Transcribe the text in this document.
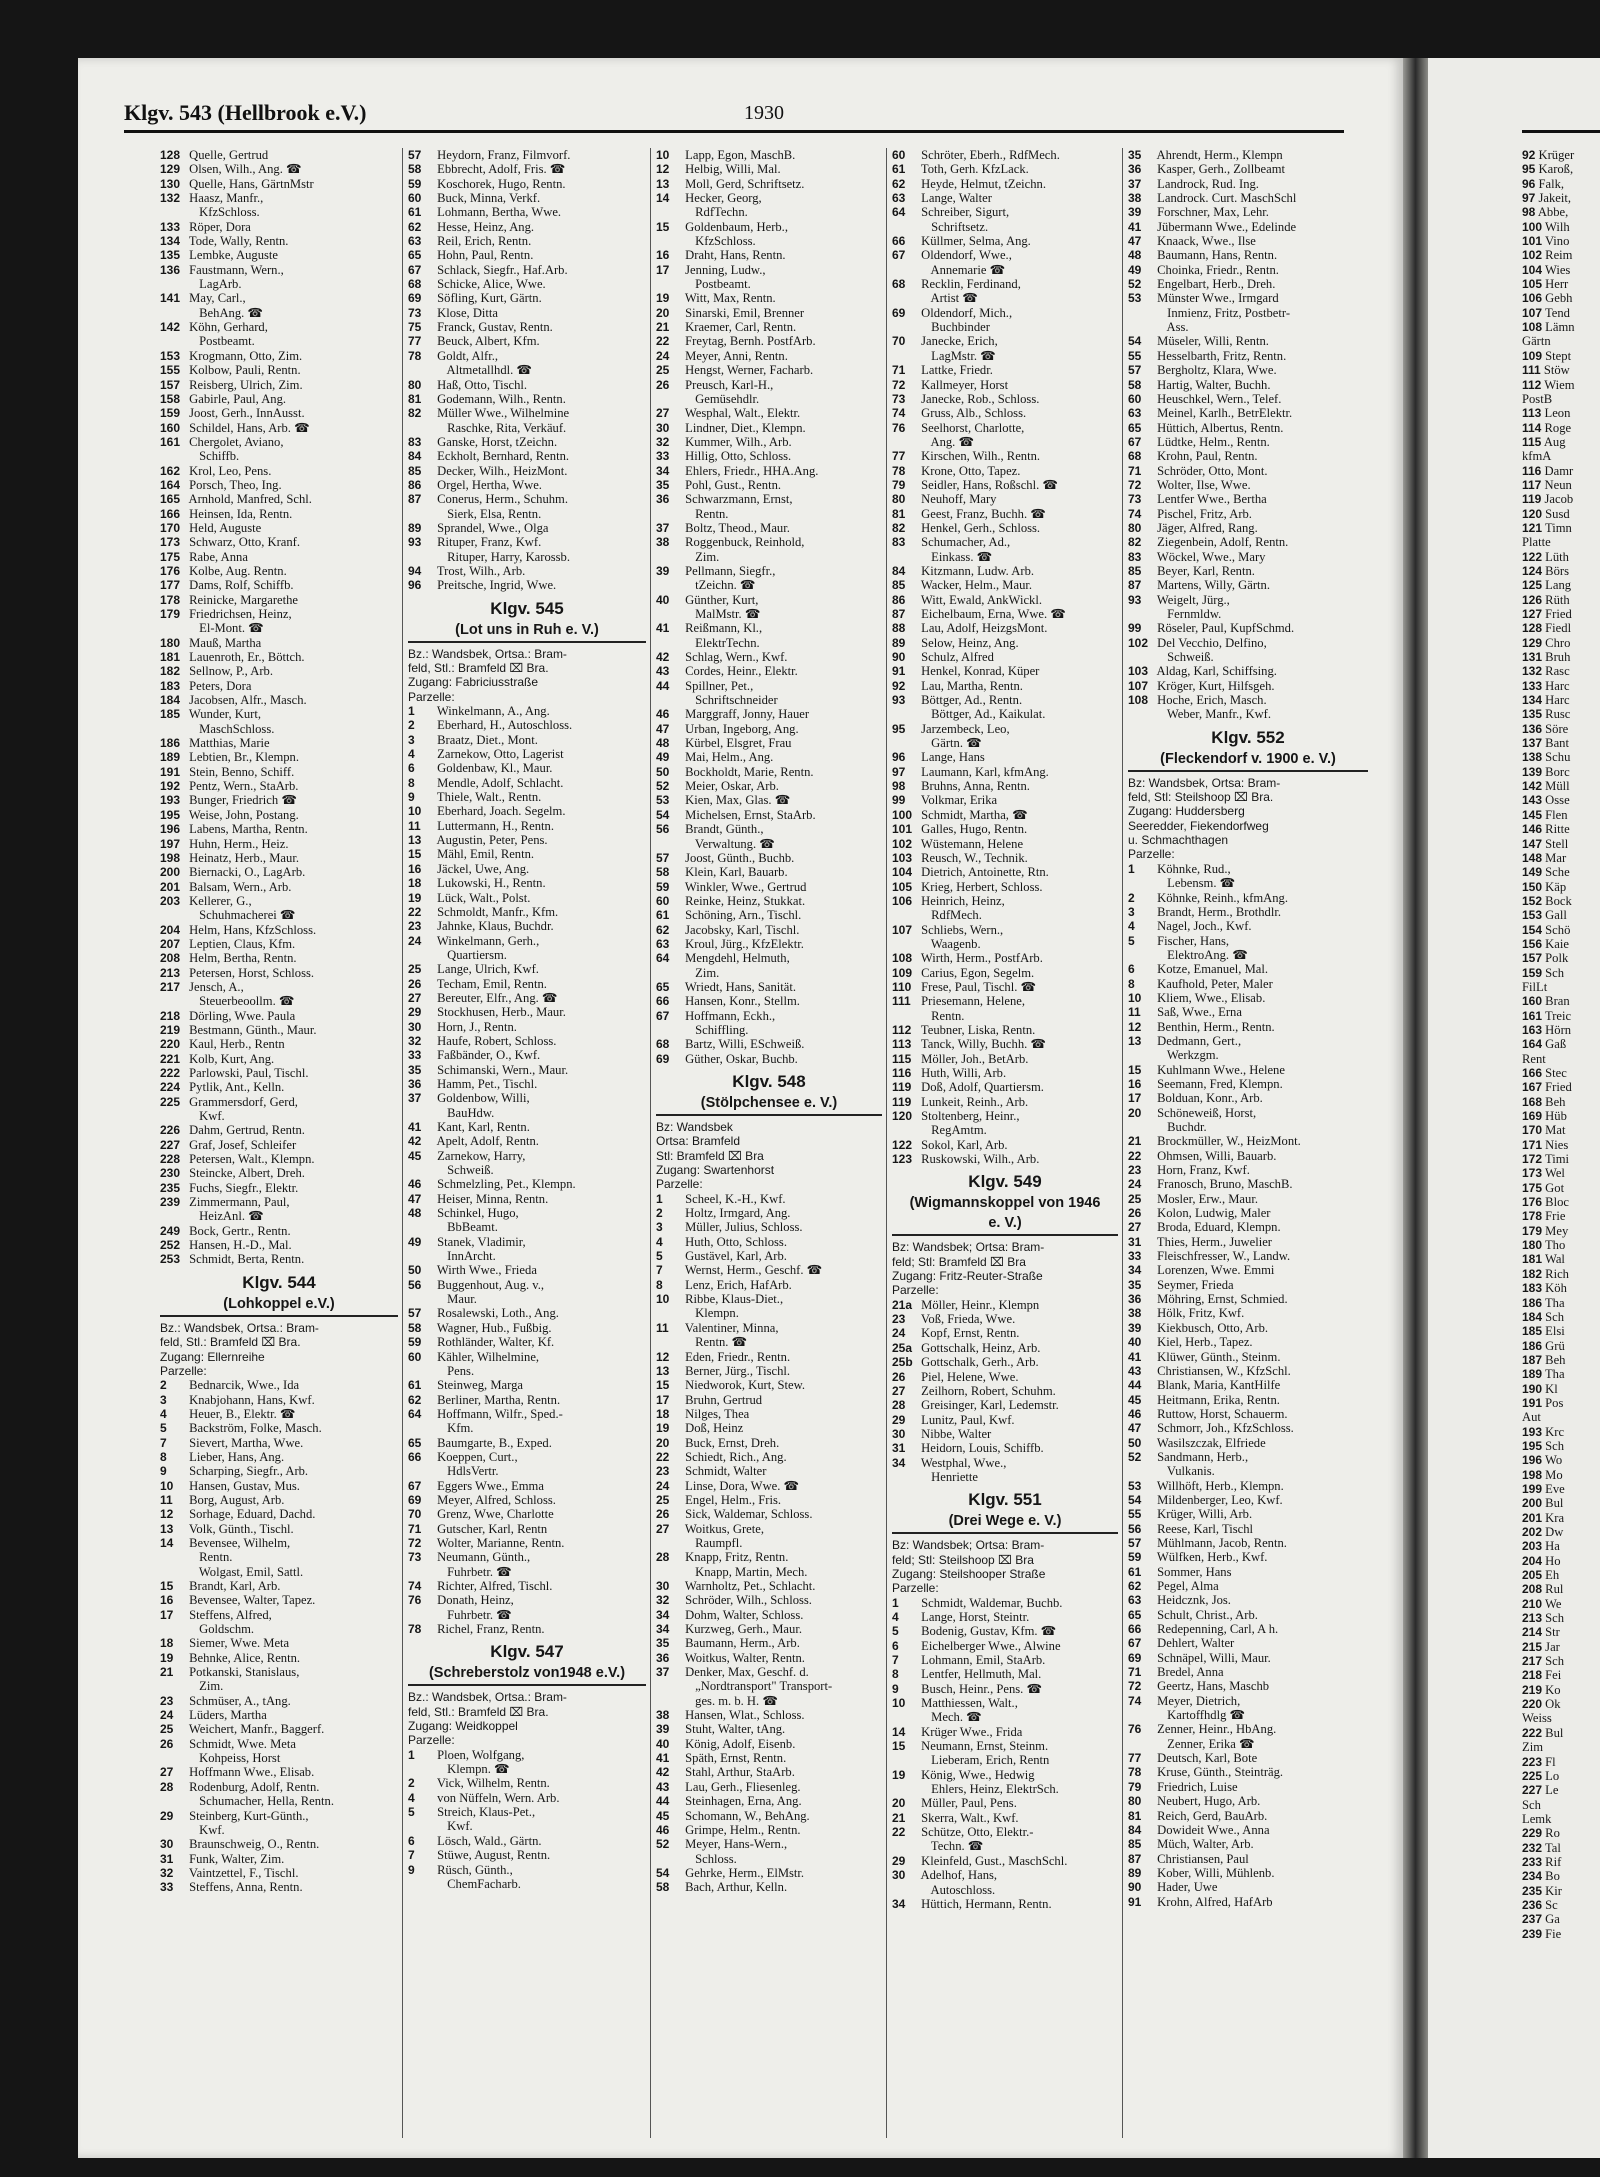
Klgv. 543 (Hellbrook e.V.)	1930
128 Quelle, Gertrud
129 Olsen, Wilh., Ang. ☎
130 Quelle, Hans, GärtnMstr
132 Haasz, Manfr.,
KfzSchloss.
133 Röper, Dora
134 Tode, Wally, Rentn.
135 Lembke, Auguste
136 Faustmann, Wern.,
LagArb.
141 May, Carl.,
BehAng. ☎
142 Köhn, Gerhard,
Postbeamt.
153 Krogmann, Otto, Zim.
155 Kolbow, Pauli, Rentn.
157 Reisberg, Ulrich, Zim.
158 Gabirle, Paul, Ang.
159 Joost, Gerh., InnAusst.
160 Schildel, Hans, Arb. ☎
161 Chergolet, Aviano,
Schiffb.
162 Krol, Leo, Pens.
164 Porsch, Theo, Ing.
165 Arnhold, Manfred, Schl.
166 Heinsen, Ida, Rentn.
170 Held, Auguste
173 Schwarz, Otto, Kranf.
175 Rabe, Anna
176 Kolbe, Aug. Rentn.
177 Dams, Rolf, Schiffb.
178 Reinicke, Margarethe
179 Friedrichsen, Heinz,
El-Mont. ☎
180 Mauß, Martha
181 Lauenroth, Er., Böttch.
182 Sellnow, P., Arb.
183 Peters, Dora
184 Jacobsen, Alfr., Masch.
185 Wunder, Kurt,
MaschSchloss.
186 Matthias, Marie
189 Lebtien, Br., Klempn.
191 Stein, Benno, Schiff.
192 Pentz, Wern., StaArb.
193 Bunger, Friedrich ☎
195 Weise, John, Postang.
196 Labens, Martha, Rentn.
197 Huhn, Herm., Heiz.
198 Heinatz, Herb., Maur.
200 Biernacki, O., LagArb.
201 Balsam, Wern., Arb.
203 Kellerer, G.,
Schuhmacherei ☎
204 Helm, Hans, KfzSchloss.
207 Leptien, Claus, Kfm.
208 Helm, Bertha, Rentn.
213 Petersen, Horst, Schloss.
217 Jensch, A.,
Steuerbeoollm. ☎
218 Dörling, Wwe. Paula
219 Bestmann, Günth., Maur.
220 Kaul, Herb., Rentn
221 Kolb, Kurt, Ang.
222 Parlowski, Paul, Tischl.
224 Pytlik, Ant., Kelln.
225 Grammersdorf, Gerd,
Kwf.
226 Dahm, Gertrud, Rentn.
227 Graf, Josef, Schleifer
228 Petersen, Walt., Klempn.
230 Steincke, Albert, Dreh.
235 Fuchs, Siegfr., Elektr.
239 Zimmermann, Paul,
HeizAnl. ☎
249 Bock, Gertr., Rentn.
252 Hansen, H.-D., Mal.
253 Schmidt, Berta, Rentn.
Klgv. 544
(Lohkoppel e.V.)
Bz.: Wandsbek, Ortsa.: Bram-
feld, Stl.: Bramfeld ⌧ Bra.
Zugang: Ellernreihe
Parzelle:
2 Bednarcik, Wwe., Ida
3 Knabjohann, Hans, Kwf.
4 Heuer, B., Elektr. ☎
5 Backström, Folke, Masch.
7 Sievert, Martha, Wwe.
8 Lieber, Hans, Ang.
9 Scharping, Siegfr., Arb.
10 Hansen, Gustav, Mus.
11 Borg, August, Arb.
12 Sorhage, Eduard, Dachd.
13 Volk, Günth., Tischl.
14 Bevensee, Wilhelm,
Rentn.
Wolgast, Emil, Sattl.
15 Brandt, Karl, Arb.
16 Bevensee, Walter, Tapez.
17 Steffens, Alfred,
Goldschm.
18 Siemer, Wwe. Meta
19 Behnke, Alice, Rentn.
21 Potkanski, Stanislaus,
Zim.
23 Schmüser, A., tAng.
24 Lüders, Martha
25 Weichert, Manfr., Baggerf.
26 Schmidt, Wwe. Meta
Kohpeiss, Horst
27 Hoffmann Wwe., Elisab.
28 Rodenburg, Adolf, Rentn.
Schumacher, Hella, Rentn.
29 Steinberg, Kurt-Günth.,
Kwf.
30 Braunschweig, O., Rentn.
31 Funk, Walter, Zim.
32 Vaintzettel, F., Tischl.
33 Steffens, Anna, Rentn.
57 Heydorn, Franz, Filmvorf.
58 Ebbrecht, Adolf, Fris. ☎
59 Koschorek, Hugo, Rentn.
60 Buck, Minna, Verkf.
61 Lohmann, Bertha, Wwe.
62 Hesse, Heinz, Ang.
63 Reil, Erich, Rentn.
65 Hohn, Paul, Rentn.
67 Schlack, Siegfr., Haf.Arb.
68 Schicke, Alice, Wwe.
69 Söfling, Kurt, Gärtn.
73 Klose, Ditta
75 Franck, Gustav, Rentn.
77 Beuck, Albert, Kfm.
78 Goldt, Alfr.,
Altmetallhdl. ☎
80 Haß, Otto, Tischl.
81 Godemann, Wilh., Rentn.
82 Müller Wwe., Wilhelmine
Raschke, Rita, Verkäuf.
83 Ganske, Horst, tZeichn.
84 Eckholt, Bernhard, Rentn.
85 Decker, Wilh., HeizMont.
86 Orgel, Hertha, Wwe.
87 Conerus, Herm., Schuhm.
Sierk, Elsa, Rentn.
89 Sprandel, Wwe., Olga
93 Rituper, Franz, Kwf.
Rituper, Harry, Karossb.
94 Trost, Wilh., Arb.
96 Preitsche, Ingrid, Wwe.
Klgv. 545
(Lot uns in Ruh e. V.)
Bz.: Wandsbek, Ortsa.: Bram-
feld, Stl.: Bramfeld ⌧ Bra.
Zugang: Fabriciusstraße
Parzelle:
1 Winkelmann, A., Ang.
2 Eberhard, H., Autoschloss.
3 Braatz, Diet., Mont.
4 Zarnekow, Otto, Lagerist
6 Goldenbaw, Kl., Maur.
8 Mendle, Adolf, Schlacht.
9 Thiele, Walt., Rentn.
10 Eberhard, Joach. Segelm.
11 Luttermann, H., Rentn.
13 Augustin, Peter, Pens.
15 Mähl, Emil, Rentn.
16 Jäckel, Uwe, Ang.
18 Lukowski, H., Rentn.
19 Lück, Walt., Polst.
22 Schmoldt, Manfr., Kfm.
23 Jahnke, Klaus, Buchdr.
24 Winkelmann, Gerh.,
Quartiersm.
25 Lange, Ulrich, Kwf.
26 Techam, Emil, Rentn.
27 Bereuter, Elfr., Ang. ☎
29 Stockhusen, Herb., Maur.
30 Horn, J., Rentn.
32 Haufe, Robert, Schloss.
33 Faßbänder, O., Kwf.
35 Schimanski, Wern., Maur.
36 Hamm, Pet., Tischl.
37 Goldenbow, Willi,
BauHdw.
41 Kant, Karl, Rentn.
42 Apelt, Adolf, Rentn.
45 Zarnekow, Harry,
Schweiß.
46 Schmelzling, Pet., Klempn.
47 Heiser, Minna, Rentn.
48 Schinkel, Hugo,
BbBeamt.
49 Stanek, Vladimir,
InnArcht.
50 Wirth Wwe., Frieda
56 Buggenhout, Aug. v.,
Maur.
57 Rosalewski, Loth., Ang.
58 Wagner, Hub., Fußbig.
59 Rothländer, Walter, Kf.
60 Kähler, Wilhelmine,
Pens.
61 Steinweg, Marga
62 Berliner, Martha, Rentn.
64 Hoffmann, Wilfr., Sped.-
Kfm.
65 Baumgarte, B., Exped.
66 Koeppen, Curt.,
HdlsVertr.
67 Eggers Wwe., Emma
69 Meyer, Alfred, Schloss.
70 Grenz, Wwe, Charlotte
71 Gutscher, Karl, Rentn
72 Wolter, Marianne, Rentn.
73 Neumann, Günth.,
Fuhrbetr. ☎
74 Richter, Alfred, Tischl.
76 Donath, Heinz,
Fuhrbetr. ☎
78 Richel, Franz, Rentn.
Klgv. 547
(Schreberstolz von1948 e.V.)
Bz.: Wandsbek, Ortsa.: Bram-
feld, Stl.: Bramfeld ⌧ Bra.
Zugang: Weidkoppel
Parzelle:
1 Ploen, Wolfgang,
Klempn. ☎
2 Vick, Wilhelm, Rentn.
4 von Nüffeln, Wern. Arb.
5 Streich, Klaus-Pet.,
Kwf.
6 Lösch, Wald., Gärtn.
7 Stüwe, August, Rentn.
9 Rüsch, Günth.,
ChemFacharb.
10 Lapp, Egon, MaschB.
12 Helbig, Willi, Mal.
13 Moll, Gerd, Schriftsetz.
14 Hecker, Georg,
RdfTechn.
15 Goldenbaum, Herb.,
KfzSchloss.
16 Draht, Hans, Rentn.
17 Jenning, Ludw.,
Postbeamt.
19 Witt, Max, Rentn.
20 Sinarski, Emil, Brenner
21 Kraemer, Carl, Rentn.
22 Freytag, Bernh. PostfArb.
24 Meyer, Anni, Rentn.
25 Hengst, Werner, Facharb.
26 Preusch, Karl-H.,
Gemüsehdlr.
27 Wesphal, Walt., Elektr.
30 Lindner, Diet., Klempn.
32 Kummer, Wilh., Arb.
33 Hillig, Otto, Schloss.
34 Ehlers, Friedr., HHA.Ang.
35 Pohl, Gust., Rentn.
36 Schwarzmann, Ernst,
Rentn.
37 Boltz, Theod., Maur.
38 Roggenbuck, Reinhold,
Zim.
39 Pellmann, Siegfr.,
tZeichn. ☎
40 Günther, Kurt,
MalMstr. ☎
41 Reißmann, Kl.,
ElektrTechn.
42 Schlag, Wern., Kwf.
43 Cordes, Heinr., Elektr.
44 Spillner, Pet.,
Schriftschneider
46 Marggraff, Jonny, Hauer
47 Urban, Ingeborg, Ang.
48 Kürbel, Elsgret, Frau
49 Mai, Helm., Ang.
50 Bockholdt, Marie, Rentn.
52 Meier, Oskar, Arb.
53 Kien, Max, Glas. ☎
54 Michelsen, Ernst, StaArb.
56 Brandt, Günth.,
Verwaltung. ☎
57 Joost, Günth., Buchb.
58 Klein, Karl, Bauarb.
59 Winkler, Wwe., Gertrud
60 Reinke, Heinz, Stukkat.
61 Schöning, Arn., Tischl.
62 Jacobsky, Karl, Tischl.
63 Kroul, Jürg., KfzElektr.
64 Mengdehl, Helmuth,
Zim.
65 Wriedt, Hans, Sanität.
66 Hansen, Konr., Stellm.
67 Hoffmann, Eckh.,
Schiffling.
68 Bartz, Willi, ESchweiß.
69 Güther, Oskar, Buchb.
Klgv. 548
(Stölpchensee e. V.)
Bz: Wandsbek
Ortsa: Bramfeld
Stl: Bramfeld ⌧ Bra
Zugang: Swartenhorst
Parzelle:
1 Scheel, K.-H., Kwf.
2 Holtz, Irmgard, Ang.
3 Müller, Julius, Schloss.
4 Huth, Otto, Schloss.
5 Gustävel, Karl, Arb.
7 Wernst, Herm., Geschf. ☎
8 Lenz, Erich, HafArb.
10 Ribbe, Klaus-Diet.,
Klempn.
11 Valentiner, Minna,
Rentn. ☎
12 Eden, Friedr., Rentn.
13 Berner, Jürg., Tischl.
15 Niedworok, Kurt, Stew.
17 Bruhn, Gertrud
18 Nilges, Thea
19 Doß, Heinz
20 Buck, Ernst, Dreh.
22 Schiedt, Rich., Ang.
23 Schmidt, Walter
24 Linse, Dora, Wwe. ☎
25 Engel, Helm., Fris.
26 Sick, Waldemar, Schloss.
27 Woitkus, Grete,
Raumpfl.
28 Knapp, Fritz, Rentn.
Knapp, Martin, Mech.
30 Warnholtz, Pet., Schlacht.
32 Schröder, Wilh., Schloss.
34 Dohm, Walter, Schloss.
34 Kurzweg, Gerh., Maur.
35 Baumann, Herm., Arb.
36 Woitkus, Walter, Rentn.
37 Denker, Max, Geschf. d.
„Nordtransport" Transport-
ges. m. b. H. ☎
38 Hansen, Wlat., Schloss.
39 Stuht, Walter, tAng.
40 König, Adolf, Eisenb.
41 Späth, Ernst, Rentn.
42 Stahl, Arthur, StaArb.
43 Lau, Gerh., Fliesenleg.
44 Steinhagen, Erna, Ang.
45 Schomann, W., BehAng.
46 Grimpe, Helm., Rentn.
52 Meyer, Hans-Wern.,
Schloss.
54 Gehrke, Herm., ElMstr.
58 Bach, Arthur, Kelln.
60 Schröter, Eberh., RdfMech.
61 Toth, Gerh. KfzLack.
62 Heyde, Helmut, tZeichn.
63 Lange, Walter
64 Schreiber, Sigurt,
Schriftsetz.
66 Küllmer, Selma, Ang.
67 Oldendorf, Wwe.,
Annemarie ☎
68 Recklin, Ferdinand,
Artist ☎
69 Oldendorf, Mich.,
Buchbinder
70 Janecke, Erich,
LagMstr. ☎
71 Lattke, Friedr.
72 Kallmeyer, Horst
73 Janecke, Rob., Schloss.
74 Gruss, Alb., Schloss.
76 Seelhorst, Charlotte,
Ang. ☎
77 Kirschen, Wilh., Rentn.
78 Krone, Otto, Tapez.
79 Seidler, Hans, Roßschl. ☎
80 Neuhoff, Mary
81 Geest, Franz, Buchh. ☎
82 Henkel, Gerh., Schloss.
83 Schumacher, Ad.,
Einkass. ☎
84 Kitzmann, Ludw. Arb.
85 Wacker, Helm., Maur.
86 Witt, Ewald, AnkWickl.
87 Eichelbaum, Erna, Wwe. ☎
88 Lau, Adolf, HeizgsMont.
89 Selow, Heinz, Ang.
90 Schulz, Alfred
91 Henkel, Konrad, Küper
92 Lau, Martha, Rentn.
93 Böttger, Ad., Rentn.
Böttger, Ad., Kaikulat.
95 Jarzembeck, Leo,
Gärtn. ☎
96 Lange, Hans
97 Laumann, Karl, kfmAng.
98 Bruhns, Anna, Rentn.
99 Volkmar, Erika
100 Schmidt, Martha, ☎
101 Galles, Hugo, Rentn.
102 Wüstemann, Helene
103 Reusch, W., Technik.
104 Dietrich, Antoinette, Rtn.
105 Krieg, Herbert, Schloss.
106 Heinrich, Heinz,
RdfMech.
107 Schliebs, Wern.,
Waagenb.
108 Wirth, Herm., PostfArb.
109 Carius, Egon, Segelm.
110 Frese, Paul, Tischl. ☎
111 Priesemann, Helene,
Rentn.
112 Teubner, Liska, Rentn.
113 Tanck, Willy, Buchh. ☎
115 Möller, Joh., BetArb.
116 Huth, Willi, Arb.
119 Doß, Adolf, Quartiersm.
119 Lunkeit, Reinh., Arb.
120 Stoltenberg, Heinr.,
RegAmtm.
122 Sokol, Karl, Arb.
123 Ruskowski, Wilh., Arb.
Klgv. 549
(Wigmannskoppel von 1946
e. V.)
Bz: Wandsbek; Ortsa: Bram-
feld; Stl: Bramfeld ⌧ Bra
Zugang: Fritz-Reuter-Straße
Parzelle:
21a Möller, Heinr., Klempn
23 Voß, Frieda, Wwe.
24 Kopf, Ernst, Rentn.
25a Gottschalk, Heinz, Arb.
25b Gottschalk, Gerh., Arb.
26 Piel, Helene, Wwe.
27 Zeilhorn, Robert, Schuhm.
28 Greisinger, Karl, Ledemstr.
29 Lunitz, Paul, Kwf.
30 Nibbe, Walter
31 Heidorn, Louis, Schiffb.
34 Westphal, Wwe.,
Henriette
Klgv. 551
(Drei Wege e. V.)
Bz: Wandsbek; Ortsa: Bram-
feld; Stl: Steilshoop ⌧ Bra
Zugang: Steilshooper Straße
Parzelle:
1 Schmidt, Waldemar, Buchb.
4 Lange, Horst, Steintr.
5 Bodenig, Gustav, Kfm. ☎
6 Eichelberger Wwe., Alwine
7 Lohmann, Emil, StaArb.
8 Lentfer, Hellmuth, Mal.
9 Busch, Heinr., Pens. ☎
10 Matthiessen, Walt.,
Mech. ☎
14 Krüger Wwe., Frida
15 Neumann, Ernst, Steinm.
Lieberam, Erich, Rentn
19 König, Wwe., Hedwig
Ehlers, Heinz, ElektrSch.
20 Müller, Paul, Pens.
21 Skerra, Walt., Kwf.
22 Schütze, Otto, Elektr.-
Techn. ☎
29 Kleinfeld, Gust., MaschSchl.
30 Adelhof, Hans,
Autoschloss.
34 Hüttich, Hermann, Rentn.
35 Ahrendt, Herm., Klempn
36 Kasper, Gerh., Zollbeamt
37 Landrock, Rud. Ing.
38 Landrock. Curt. MaschSchl
39 Forschner, Max, Lehr.
41 Jübermann Wwe., Edelinde
47 Knaack, Wwe., Ilse
48 Baumann, Hans, Rentn.
49 Choinka, Friedr., Rentn.
52 Engelbart, Herb., Dreh.
53 Münster Wwe., Irmgard
Inmienz, Fritz, Postbetr-
Ass.
54 Müseler, Willi, Rentn.
55 Hesselbarth, Fritz, Rentn.
57 Bergholtz, Klara, Wwe.
58 Hartig, Walter, Buchh.
60 Heuschkel, Wern., Telef.
63 Meinel, Karlh., BetrElektr.
65 Hüttich, Albertus, Rentn.
67 Lüdtke, Helm., Rentn.
68 Krohn, Paul, Rentn.
71 Schröder, Otto, Mont.
72 Wolter, Ilse, Wwe.
73 Lentfer Wwe., Bertha
74 Pischel, Fritz, Arb.
80 Jäger, Alfred, Rang.
82 Ziegenbein, Adolf, Rentn.
83 Wöckel, Wwe., Mary
85 Beyer, Karl, Rentn.
87 Martens, Willy, Gärtn.
93 Weigelt, Jürg.,
Fernmldw.
99 Röseler, Paul, KupfSchmd.
102 Del Vecchio, Delfino,
Schweiß.
103 Aldag, Karl, Schiffsing.
107 Kröger, Kurt, Hilfsgeh.
108 Hoche, Erich, Masch.
Weber, Manfr., Kwf.
Klgv. 552
(Fleckendorf v. 1900 e. V.)
Bz: Wandsbek, Ortsa: Bram-
feld, Stl: Steilshoop ⌧ Bra.
Zugang: Huddersberg
Seeredder, Fiekendorfweg
u. Schmachthagen
Parzelle:
1 Köhnke, Rud.,
Lebensm. ☎
2 Köhnke, Reinh., kfmAng.
3 Brandt, Herm., Brothdlr.
4 Nagel, Joch., Kwf.
5 Fischer, Hans,
ElektroAng. ☎
6 Kotze, Emanuel, Mal.
8 Kaufhold, Peter, Maler
10 Kliem, Wwe., Elisab.
11 Saß, Wwe., Erna
12 Benthin, Herm., Rentn.
13 Dedmann, Gert.,
Werkzgm.
15 Kuhlmann Wwe., Helene
16 Seemann, Fred, Klempn.
17 Bolduan, Konr., Arb.
20 Schöneweiß, Horst,
Buchdr.
21 Brockmüller, W., HeizMont.
22 Ohmsen, Willi, Bauarb.
23 Horn, Franz, Kwf.
24 Franosch, Bruno, MaschB.
25 Mosler, Erw., Maur.
26 Kolon, Ludwig, Maler
27 Broda, Eduard, Klempn.
31 Thies, Herm., Juwelier
33 Fleischfresser, W., Landw.
34 Lorenzen, Wwe. Emmi
35 Seymer, Frieda
36 Möhring, Ernst, Schmied.
38 Hölk, Fritz, Kwf.
39 Kiekbusch, Otto, Arb.
40 Kiel, Herb., Tapez.
41 Klüwer, Günth., Steinm.
43 Christiansen, W., KfzSchl.
44 Blank, Maria, KantHilfe
45 Heitmann, Erika, Rentn.
46 Ruttow, Horst, Schauerm.
47 Schmorr, Joh., KfzSchloss.
50 Wasilszczak, Elfriede
52 Sandmann, Herb.,
Vulkanis.
53 Willhöft, Herb., Klempn.
54 Mildenberger, Leo, Kwf.
55 Krüger, Willi, Arb.
56 Reese, Karl, Tischl
57 Mühlmann, Jacob, Rentn.
59 Wülfken, Herb., Kwf.
61 Sommer, Hans
62 Pegel, Alma
63 Heidcznk, Jos.
65 Schult, Christ., Arb.
66 Redepenning, Carl, A h.
67 Dehlert, Walter
69 Schnäpel, Willi, Maur.
71 Bredel, Anna
72 Geertz, Hans, Maschb
74 Meyer, Dietrich,
Kartoffhdlg ☎
76 Zenner, Heinr., HbAng.
Zenner, Erika ☎
77 Deutsch, Karl, Bote
78 Kruse, Günth., Steinträg.
79 Friedrich, Luise
80 Neubert, Hugo, Arb.
81 Reich, Gerd, BauArb.
84 Dowideit Wwe., Anna
85 Müch, Walter, Arb.
87 Christiansen, Paul
89 Kober, Willi, Mühlenb.
90 Hader, Uwe
91 Krohn, Alfred, HafArb
92 Krüger
95 Karoß,
96 Falk,
97 Jakeit,
98 Abbe,
100 Wilh
101 Vino
102 Reim
104 Wies
105 Herr
106 Gebh
107 Tend
108 Lämn
Gärtn
109 Stept
111 Stöw
112 Wiem
PostB
113 Leon
114 Roge
115 Aug
kfmA
116 Damr
117 Neun
119 Jacob
120 Susd
121 Timn
Platte
122 Lüth
124 Börs
125 Lang
126 Rüth
127 Fried
128 Fiedl
129 Chro
131 Bruh
132 Rasc
133 Harc
134 Harc
135 Rusc
136 Söre
137 Bant
138 Schu
139 Borc
142 Müll
143 Osse
145 Flen
146 Ritte
147 Stell
148 Mar
149 Sche
150 Käp
152 Bock
153 Gall
154 Schö
156 Kaie
157 Polk
159 Sch
FilLt
160 Bran
161 Treic
163 Hörn
164 Gaß
Rent
166 Stec
167 Fried
168 Beh
169 Hüb
170 Mat
171 Nies
172 Timi
173 Wel
175 Got
176 Bloc
178 Frie
179 Mey
180 Tho
181 Wal
182 Rich
183 Köh
186 Tha
184 Sch
185 Elsi
186 Grü
187 Beh
189 Tha
190 Kl
191 Pos
Aut
193 Krc
195 Sch
196 Wo
198 Mo
199 Eve
200 Bul
201 Kra
202 Dw
203 Ha
204 Ho
205 Eh
208 Rul
210 We
213 Sch
214 Str
215 Jar
217 Sch
218 Fei
219 Ko
220 Ok
Weiss
222 Bul
Zim
223 Fl
225 Lo
227 Le
Sch
Lemk
229 Ro
232 Tal
233 Rif
234 Bo
235 Kir
236 Sc
237 Ga
239 Fie
